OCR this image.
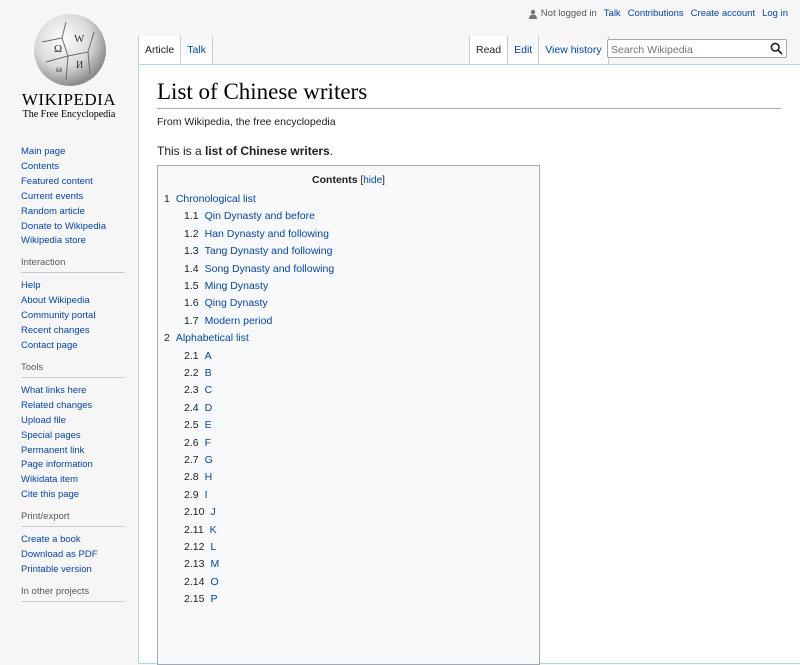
Ω
W
И
ω
WIKIPEDIA
The Free Encyclopedia
Not logged in Talk Contributions Create account Log in
Article	Talk	Read	Edit	View history
Search Wikipedia
Main page
Contents
Featured content
Current events
Random article
Donate to Wikipedia
Wikipedia store
Interaction
Help
About Wikipedia
Community portal
Recent changes
Contact page
Tools
What links here
Related changes
Upload file
Special pages
Permanent link
Page information
Wikidata item
Cite this page
Print/export
Create a book
Download as PDF
Printable version
In other projects
List of Chinese writers
From Wikipedia, the free encyclopedia
This is a list of Chinese writers.
Contents [hide]
1 Chronological list
1.1 Qin Dynasty and before
1.2 Han Dynasty and following
1.3 Tang Dynasty and following
1.4 Song Dynasty and following
1.5 Ming Dynasty
1.6 Qing Dynasty
1.7 Modern period
2 Alphabetical list
2.1 A
2.2 B
2.3 C
2.4 D
2.5 E
2.6 F
2.7 G
2.8 H
2.9 I
2.10 J
2.11 K
2.12 L
2.13 M
2.14 O
2.15 P
